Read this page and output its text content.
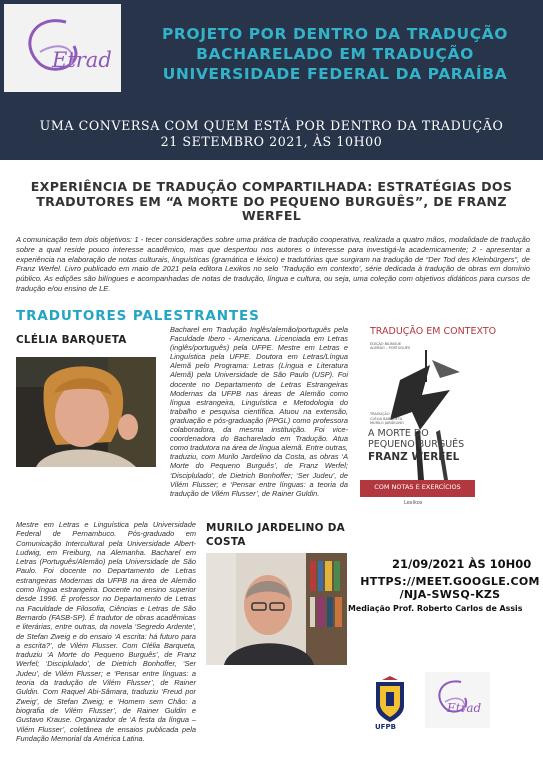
Etrad
PROJETO POR DENTRO DA TRADUÇÃO
BACHARELADO EM TRADUÇÃO
UNIVERSIDADE FEDERAL DA PARAÍBA
UMA CONVERSA COM QUEM ESTÁ POR DENTRO DA TRADUÇÃO
21 SETEMBRO 2021, ÀS 10H00
EXPERIÊNCIA DE TRADUÇÃO COMPARTILHADA: ESTRATÉGIAS DOS TRADUTORES EM “A MORTE DO PEQUENO BURGUÊS”, DE FRANZ WERFEL
A comunicação tem dois objetivos: 1 - tecer considerações sobre uma prática de tradução cooperativa, realizada a quatro mãos, modalidade de tradução sobre a qual reside pouco interesse acadêmico, mas que despertou nos autores o interesse para investigá-la academicamente; 2 - apresentar a experiência na elaboração de notas culturais, linguísticas (gramática e léxico) e tradutórias que surgiram na tradução de “Der Tod des Kleinbürgers”, de Franz Werfel. Livro publicado em maio de 2021 pela editora Lexikos no selo ‘Tradução em contexto’, série dedicada à tradução de obras em domínio público. As edições são bilíngues e acompanhadas de notas de tradução, língua e cultura, ou seja, uma coleção com objetivos didáticos para cursos de tradução e/ou ensino de LE.
TRADUTORES PALESTRANTES
CLÉLIA BARQUETA
Bacharel em Tradução Inglês/alemão/português pela Faculdade Ibero - Americana. Licenciada em Letras (inglês/português) pela UFPE. Mestre em Letras e Linguística pela UFPE. Doutora em Letras/Língua Alemã pelo Programa: Letras (Língua e Literatura Alemã) pela Universidade de São Paulo (USP). Foi docente no Departamento de Letras Estrangeiras Modernas da UFPB nas áreas de Alemão como língua estrangeira, Linguística e Metodologia do trabalho e pesquisa científica. Atuou na extensão, graduação e pós-graduação (PPGL) como professora colaboradora, da mesma instituição. Foi vice-coordenadora do Bacharelado em Tradução. Atua como tradutora na área de língua alemã. Entre outras, traduziu, com Murilo Jardelino da Costa, as obras ‘A Morte do Pequeno Burguês’, de Franz Werfel; ‘Disciplulado’, de Dietrich Bonhoffer; ‘Ser Judeu’, de Vilém Flusser; e ‘Pensar entre línguas: a teoria da tradução de Vilém Flusser’, de Rainer Guldin.
TRADUÇÃO EM CONTEXTO
EDIÇÃO BILÍNGUE
ALEMÃO – PORTUGUÊS
TRADUÇÃO
CLÉLIA BARQUETA
MURILO JARDELINO
A MORTE DO
PEQUENO BURGUÊS
FRANZ WERFEL
COM NOTAS E EXERCÍCIOS
Lexikos
Mestre em Letras e Linguística pela Universidade Federal de Pernambuco. Pós-graduado em Comunicação Intercultural pela Universidade Albert-Ludwig, em Freiburg, na Alemanha. Bacharel em Letras (Português/Alemão) pela Universidade de São Paulo. Foi docente no Departamento de Letras estrangeiras Modernas da UFPB na área de Alemão como língua estrangeira. Docente no ensino superior desde 1996. É professor no Departamento de Letras na Faculdade de Filosofia, Ciências e Letras de São Bernardo (FASB-SP). É tradutor de obras acadêmicas e literárias, entre outras, da novela ‘Segredo Ardente’, de Stefan Zweig e do ensaio ‘A escrita: há futuro para a escrita?’, de Vilém Flusser. Com Clélia Barqueta, traduziu ‘A Morte do Pequeno Burguês’, de Franz Werfel; ‘Disciplulado’, de Dietrich Bonhoffer, ‘Ser Judeu’, de Vilém Flusser; e ‘Pensar entre línguas: a teoria da tradução de Vilém Flusser’, de Rainer Guldin. Com Raquel Abi-Sâmara, traduziu ‘Freud por Zweig’, de Stefan Zweig; e ‘Homem sem Chão: a biografia de Vilém Flusser’, de Rainer Guldin e Gustavo Krause. Organizador de ‘A festa da língua – Vilém Flusser’, coletânea de ensaios publicada pela Fundação Memorial da América Latina.
MURILO JARDELINO DA COSTA
21/09/2021 ÀS 10H00
HTTPS://MEET.GOOGLE.COM
/NJA-SWSQ-KZS
Mediação Prof. Roberto Carlos de Assis
UFPB
Etrad
